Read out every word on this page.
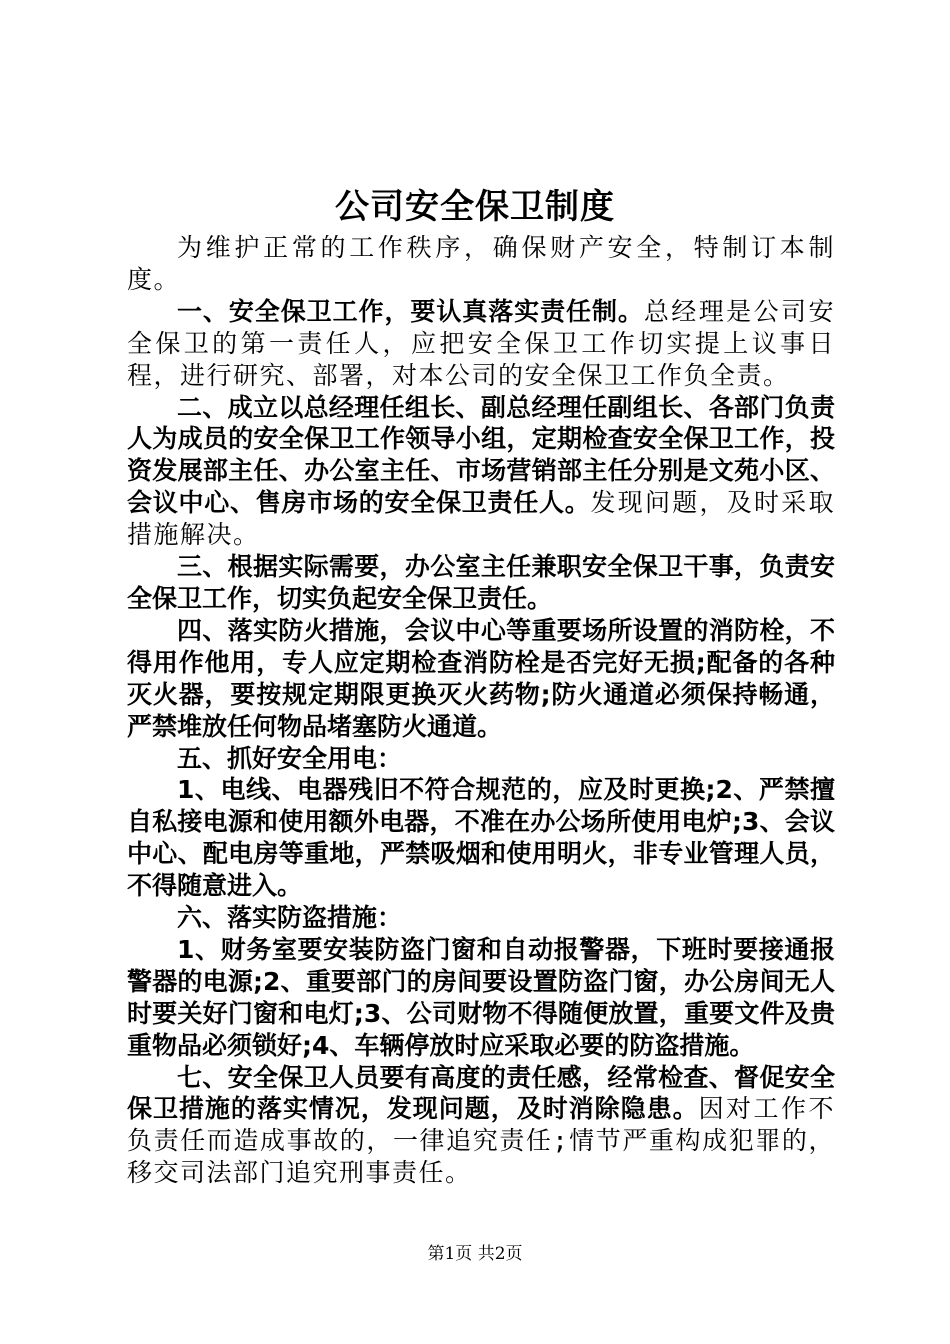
公司安全保卫制度

为维护正常的工作秩序，确保财产安全，特制订本制度。

一、安全保卫工作，要认真落实责任制。总经理是公司安全保卫的第一责任人，应把安全保卫工作切实提上议事日程，进行研究、部署，对本公司的安全保卫工作负全责。

二、成立以总经理任组长、副总经理任副组长、各部门负责人为成员的安全保卫工作领导小组，定期检查安全保卫工作，投资发展部主任、办公室主任、市场营销部主任分别是文苑小区、会议中心、售房市场的安全保卫责任人。发现问题，及时采取措施解决。

三、根据实际需要，办公室主任兼职安全保卫干事，负责安全保卫工作，切实负起安全保卫责任。

四、落实防火措施，会议中心等重要场所设置的消防栓，不得用作他用，专人应定期检查消防栓是否完好无损;配备的各种灭火器，要按规定期限更换灭火药物;防火通道必须保持畅通，严禁堆放任何物品堵塞防火通道。

五、抓好安全用电：

1、电线、电器残旧不符合规范的，应及时更换;2、严禁擅自私接电源和使用额外电器，不准在办公场所使用电炉;3、会议中心、配电房等重地，严禁吸烟和使用明火，非专业管理人员，不得随意进入。

六、落实防盗措施：

1、财务室要安装防盗门窗和自动报警器，下班时要接通报警器的电源;2、重要部门的房间要设置防盗门窗，办公房间无人时要关好门窗和电灯;3、公司财物不得随便放置，重要文件及贵重物品必须锁好;4、车辆停放时应采取必要的防盗措施。

七、安全保卫人员要有高度的责任感，经常检查、督促安全保卫措施的落实情况，发现问题，及时消除隐患。因对工作不负责任而造成事故的，一律追究责任;情节严重构成犯罪的，移交司法部门追究刑事责任。

第1页 共2页
